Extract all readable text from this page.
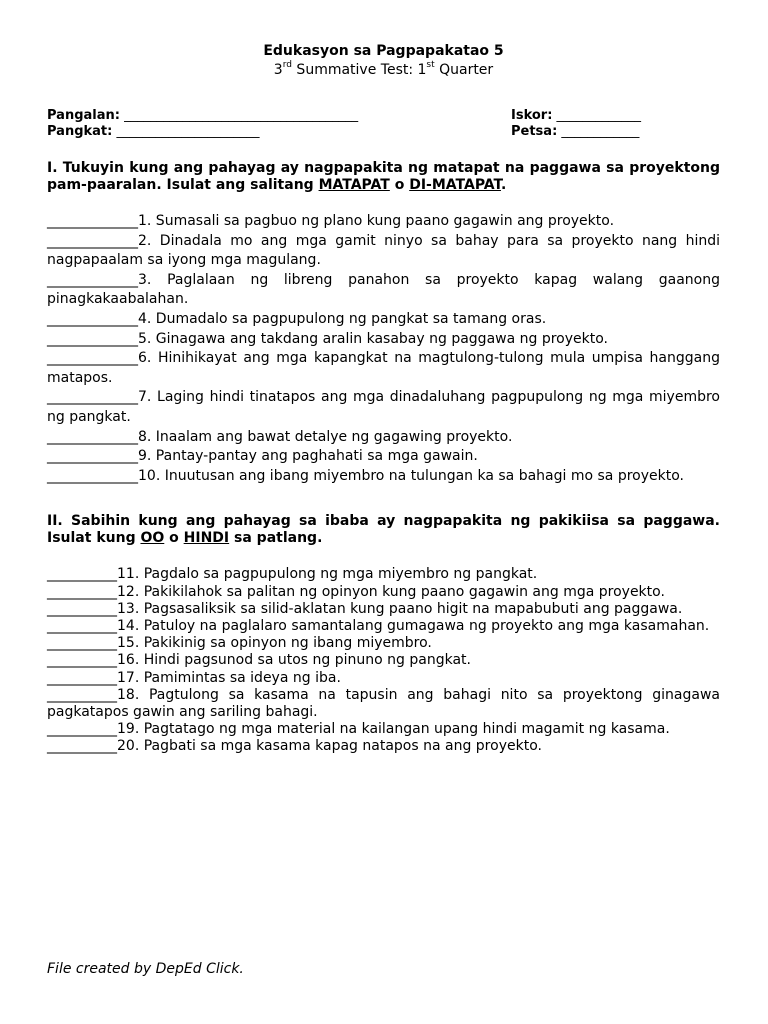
Edukasyon sa Pagpapakatao 5
3rd Summative Test: 1st Quarter
Pangalan: ____________________________________	Iskor: _____________
Pangkat: ______________________	Petsa: ____________
I. Tukuyin kung ang pahayag ay nagpapakita ng matapat na paggawa sa proyektong pam-paaralan. Isulat ang salitang MATAPAT o DI-MATAPAT.
_____________1. Sumasali sa pagbuo ng plano kung paano gagawin ang proyekto.
_____________2. Dinadala mo ang mga gamit ninyo sa bahay para sa proyekto nang hindi nagpapaalam sa iyong mga magulang.
_____________3. Paglalaan ng libreng panahon sa proyekto kapag walang gaanong pinagkakaabalahan.
_____________4. Dumadalo sa pagpupulong ng pangkat sa tamang oras.
_____________5. Ginagawa ang takdang aralin kasabay ng paggawa ng proyekto.
_____________6. Hinihikayat ang mga kapangkat na magtulong-tulong mula umpisa hanggang matapos.
_____________7. Laging hindi tinatapos ang mga dinadaluhang pagpupulong ng mga miyembro ng pangkat.
_____________8. Inaalam ang bawat detalye ng gagawing proyekto.
_____________9. Pantay-pantay ang paghahati sa mga gawain.
_____________10. Inuutusan ang ibang miyembro na tulungan ka sa bahagi mo sa proyekto.
II. Sabihin kung ang pahayag sa ibaba ay nagpapakita ng pakikiisa sa paggawa. Isulat kung OO o HINDI sa patlang.
__________11. Pagdalo sa pagpupulong ng mga miyembro ng pangkat.
__________12. Pakikilahok sa palitan ng opinyon kung paano gagawin ang mga proyekto.
__________13. Pagsasaliksik sa silid-aklatan kung paano higit na mapabubuti ang paggawa.
__________14. Patuloy na paglalaro samantalang gumagawa ng proyekto ang mga kasamahan.
__________15. Pakikinig sa opinyon ng ibang miyembro.
__________16. Hindi pagsunod sa utos ng pinuno ng pangkat.
__________17. Pamimintas sa ideya ng iba.
__________18. Pagtulong sa kasama na tapusin ang bahagi nito sa proyektong ginagawa pagkatapos gawin ang sariling bahagi.
__________19. Pagtatago ng mga material na kailangan upang hindi magamit ng kasama.
__________20. Pagbati sa mga kasama kapag natapos na ang proyekto.
File created by DepEd Click.
